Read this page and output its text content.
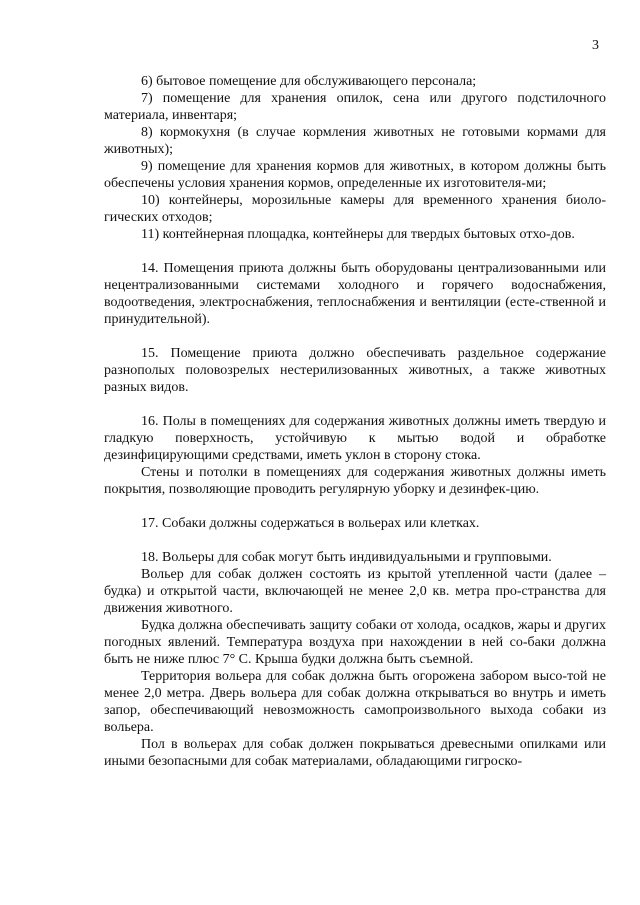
3

6) бытовое помещение для обслуживающего персонала;

7) помещение для хранения опилок, сена или другого подстилочного материала, инвентаря;

8) кормокухня (в случае кормления животных не готовыми кормами для животных);

9) помещение для хранения кормов для животных, в котором должны быть обеспечены условия хранения кормов, определенные их изготовителя-ми;

10) контейнеры, морозильные камеры для временного хранения биоло-гических отходов;

11) контейнерная площадка, контейнеры для твердых бытовых отхо-дов.

14. Помещения приюта должны быть оборудованы централизованными или нецентрализованными системами холодного и горячего водоснабжения, водоотведения, электроснабжения, теплоснабжения и вентиляции (есте-ственной и принудительной).

15. Помещение приюта должно обеспечивать раздельное содержание разнополых половозрелых нестерилизованных животных, а также животных разных видов.

16. Полы в помещениях для содержания животных должны иметь твердую и гладкую поверхность, устойчивую к мытью водой и обработке дезинфицирующими средствами, иметь уклон в сторону стока.

Стены и потолки в помещениях для содержания животных должны иметь покрытия, позволяющие проводить регулярную уборку и дезинфек-цию.

17. Собаки должны содержаться в вольерах или клетках.

18. Вольеры для собак могут быть индивидуальными и групповыми.

Вольер для собак должен состоять из крытой утепленной части (далее – будка) и открытой части, включающей не менее 2,0 кв. метра про-странства для движения животного.

Будка должна обеспечивать защиту собаки от холода, осадков, жары и других погодных явлений. Температура воздуха при нахождении в ней со-баки должна быть не ниже плюс 7° С. Крыша будки должна быть съемной.

Территория вольера для собак должна быть огорожена забором высо-той не менее 2,0 метра. Дверь вольера для собак должна открываться во внутрь и иметь запор, обеспечивающий невозможность самопроизвольного выхода собаки из вольера.

Пол в вольерах для собак должен покрываться древесными опилками или иными безопасными для собак материалами, обладающими гигроско-
